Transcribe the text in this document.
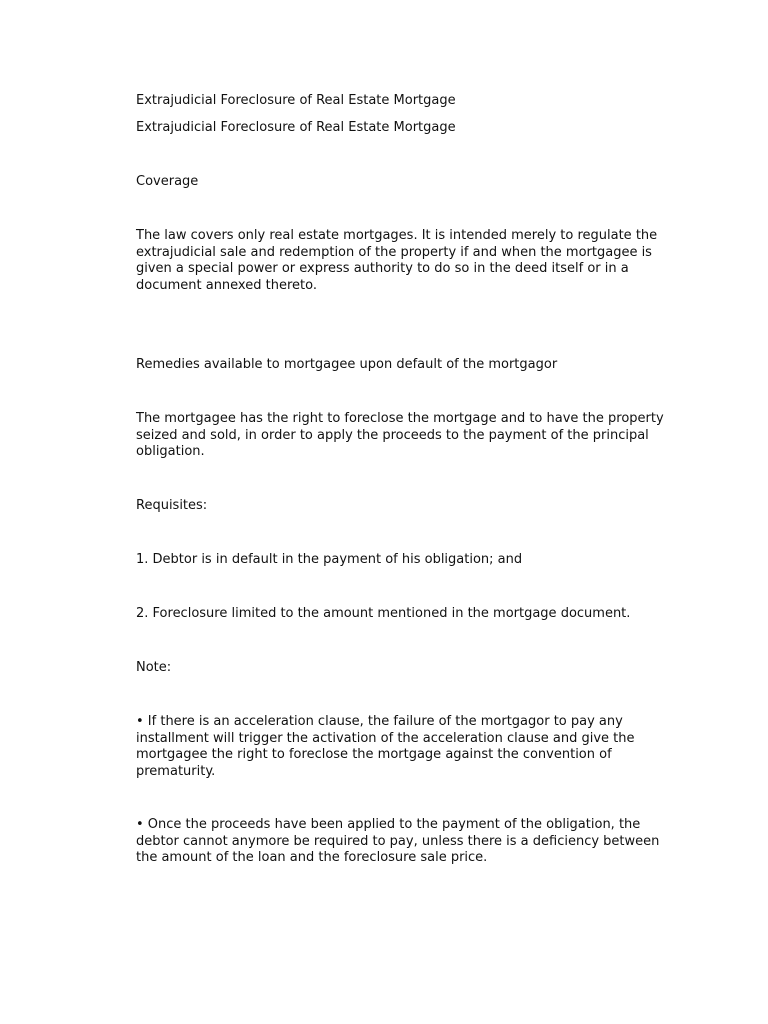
Extrajudicial Foreclosure of Real Estate Mortgage

Extrajudicial Foreclosure of Real Estate Mortgage

Coverage

The law covers only real estate mortgages. It is intended merely to regulate the extrajudicial sale and redemption of the property if and when the mortgagee is given a special power or express authority to do so in the deed itself or in a document annexed thereto.

Remedies available to mortgagee upon default of the mortgagor

The mortgagee has the right to foreclose the mortgage and to have the property seized and sold, in order to apply the proceeds to the payment of the principal obligation.

Requisites:

1. Debtor is in default in the payment of his obligation; and

2. Foreclosure limited to the amount mentioned in the mortgage document.

Note:

• If there is an acceleration clause, the failure of the mortgagor to pay any installment will trigger the activation of the acceleration clause and give the mortgagee the right to foreclose the mortgage against the convention of prematurity.

• Once the proceeds have been applied to the payment of the obligation, the debtor cannot anymore be required to pay, unless there is a deficiency between the amount of the loan and the foreclosure sale price.
